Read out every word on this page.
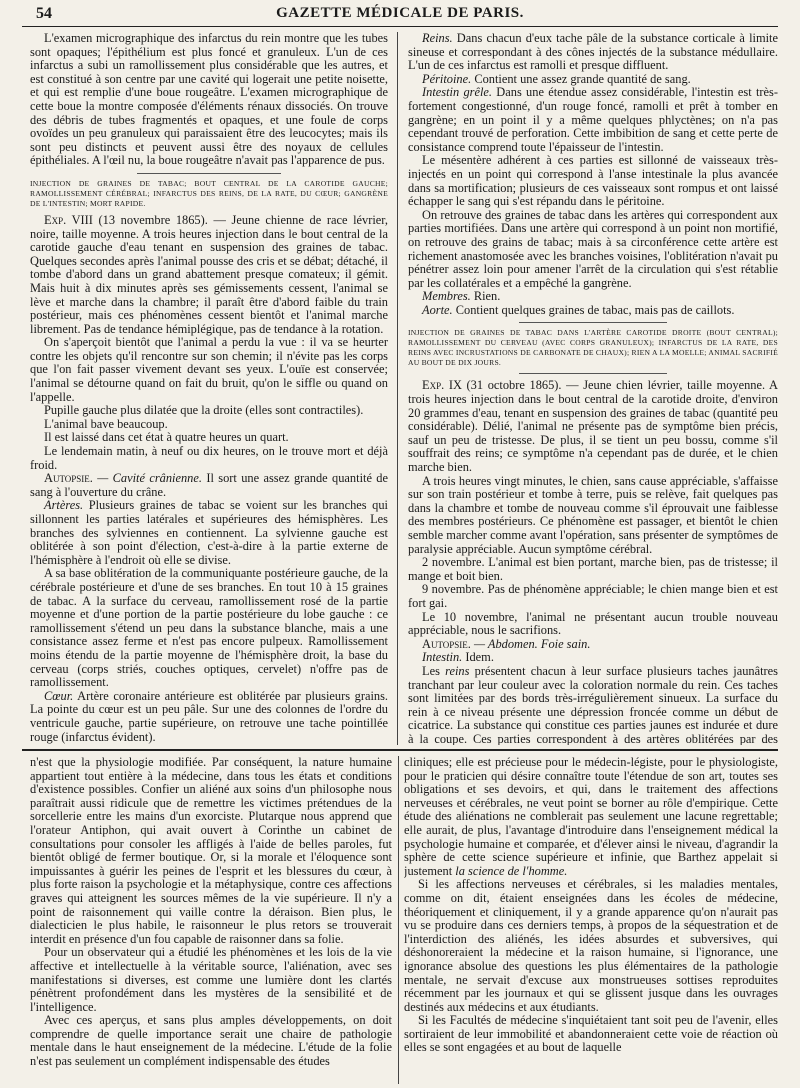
54	GAZETTE MÉDICALE DE PARIS.

L'examen micrographique des infarctus du rein montre que les tubes sont opaques; l'épithélium est plus foncé et granuleux. L'un de ces infarctus a subi un ramollissement plus considérable que les autres, et est constitué à son centre par une cavité qui logerait une petite noisette, et qui est remplie d'une boue rougeâtre. L'examen micrographique de cette boue la montre composée d'éléments rénaux dissociés. On trouve des débris de tubes fragmentés et opaques, et une foule de corps ovoïdes un peu granuleux qui paraissaient être des leucocytes; mais ils sont peu distincts et peuvent aussi être des noyaux de cellules épithéliales. A l'œil nu, la boue rougeâtre n'avait pas l'apparence de pus.

INJECTION DE GRAINES DE TABAC; BOUT CENTRAL DE LA CAROTIDE GAUCHE; RAMOLLISSEMENT CÉRÉBRAL; INFARCTUS DES REINS, DE LA RATE, DU CŒUR; GANGRÈNE DE L'INTESTIN; MORT RAPIDE.

Exp. VIII (13 novembre 1865). — Jeune chienne de race lévrier, noire, taille moyenne. A trois heures injection dans le bout central de la carotide gauche d'eau tenant en suspension des graines de tabac. Quelques secondes après l'animal pousse des cris et se débat; détaché, il tombe d'abord dans un grand abattement presque comateux; il gémit. Mais huit à dix minutes après ses gémissements cessent, l'animal se lève et marche dans la chambre; il paraît être d'abord faible du train postérieur, mais ces phénomènes cessent bientôt et l'animal marche librement. Pas de tendance hémiplégique, pas de tendance à la rotation.

On s'aperçoit bientôt que l'animal a perdu la vue : il va se heurter contre les objets qu'il rencontre sur son chemin; il n'évite pas les corps que l'on fait passer vivement devant ses yeux. L'ouïe est conservée; l'animal se détourne quand on fait du bruit, qu'on le siffle ou quand on l'appelle.

Pupille gauche plus dilatée que la droite (elles sont contractiles).

L'animal bave beaucoup.

Il est laissé dans cet état à quatre heures un quart.

Le lendemain matin, à neuf ou dix heures, on le trouve mort et déjà froid.

Autopsie. — Cavité crânienne. Il sort une assez grande quantité de sang à l'ouverture du crâne.

Artères. Plusieurs graines de tabac se voient sur les branches qui sillonnent les parties latérales et supérieures des hémisphères. Les branches des sylviennes en contiennent. La sylvienne gauche est oblitérée à son point d'élection, c'est-à-dire à la partie externe de l'hémisphère à l'endroit où elle se divise.

A sa base oblitération de la communiquante postérieure gauche, de la cérébrale postérieure et d'une de ses branches. En tout 10 à 15 graines de tabac. A la surface du cerveau, ramollissement rosé de la partie moyenne et d'une portion de la partie postérieure du lobe gauche : ce ramollissement s'étend un peu dans la substance blanche, mais a une consistance assez ferme et n'est pas encore pulpeux. Ramollissement moins étendu de la partie moyenne de l'hémisphère droit, la base du cerveau (corps striés, couches optiques, cervelet) n'offre pas de ramollissement.

Cœur. Artère coronaire antérieure est oblitérée par plusieurs grains. La pointe du cœur est un peu pâle. Sur une des colonnes de l'ordre du ventricule gauche, partie supérieure, on retrouve une tache pointillée rouge (infarctus évident).

Reins. Dans chacun d'eux tache pâle de la substance corticale à limite sineuse et correspondant à des cônes injectés de la substance médullaire. L'un de ces infarctus est ramolli et presque diffluent.

Péritoine. Contient une assez grande quantité de sang.

Intestin grêle. Dans une étendue assez considérable, l'intestin est très-fortement congestionné, d'un rouge foncé, ramolli et prêt à tomber en gangrène; en un point il y a même quelques phlyctènes; on n'a pas cependant trouvé de perforation. Cette imbibition de sang et cette perte de consistance comprend toute l'épaisseur de l'intestin.

Le mésentère adhérent à ces parties est sillonné de vaisseaux très-injectés en un point qui correspond à l'anse intestinale la plus avancée dans sa mortification; plusieurs de ces vaisseaux sont rompus et ont laissé échapper le sang qui s'est répandu dans le péritoine.

On retrouve des graines de tabac dans les artères qui correspondent aux parties mortifiées. Dans une artère qui correspond à un point non mortifié, on retrouve des grains de tabac; mais à sa circonférence cette artère est richement anastomosée avec les branches voisines, l'oblitération n'avait pu pénétrer assez loin pour amener l'arrêt de la circulation qui s'est rétablie par les collatérales et a empêché la gangrène.

Membres. Rien.

Aorte. Contient quelques graines de tabac, mais pas de caillots.

INJECTION DE GRAINES DE TABAC DANS L'ARTÈRE CAROTIDE DROITE (BOUT CENTRAL); RAMOLLISSEMENT DU CERVEAU (AVEC CORPS GRANULEUX); INFARCTUS DE LA RATE, DES REINS AVEC INCRUSTATIONS DE CARBONATE DE CHAUX); RIEN A LA MOELLE; ANIMAL SACRIFIÉ AU BOUT DE DIX JOURS.

Exp. IX (31 octobre 1865). — Jeune chien lévrier, taille moyenne. A trois heures injection dans le bout central de la carotide droite, d'environ 20 grammes d'eau, tenant en suspension des graines de tabac (quantité peu considérable). Délié, l'animal ne présente pas de symptôme bien précis, sauf un peu de tristesse. De plus, il se tient un peu bossu, comme s'il souffrait des reins; ce symptôme n'a cependant pas de durée, et le chien marche bien.

A trois heures vingt minutes, le chien, sans cause appréciable, s'affaisse sur son train postérieur et tombe à terre, puis se relève, fait quelques pas dans la chambre et tombe de nouveau comme s'il éprouvait une faiblesse des membres postérieurs. Ce phénomène est passager, et bientôt le chien semble marcher comme avant l'opération, sans présenter de symptômes de paralysie appréciable. Aucun symptôme cérébral.

2 novembre. L'animal est bien portant, marche bien, pas de tristesse; il mange et boit bien.

9 novembre. Pas de phénomène appréciable; le chien mange bien et est fort gai.

Le 10 novembre, l'animal ne présentant aucun trouble nouveau appréciable, nous le sacrifions.

Autopsie. — Abdomen. Foie sain.

Intestin. Idem.

Les reins présentent chacun à leur surface plusieurs taches jaunâtres tranchant par leur couleur avec la coloration normale du rein. Ces taches sont limitées par des bords très-irrégulièrement sinueux. La surface du rein à ce niveau présente une dépression froncée comme un début de cicatrice. La substance qui constitue ces parties jaunes est indurée et dure à la coupe. Ces parties correspondent à des artères oblitérées par des

n'est que la physiologie modifiée. Par conséquent, la nature humaine appartient tout entière à la médecine, dans tous les états et conditions d'existence possibles. Confier un aliéné aux soins d'un philosophe nous paraîtrait aussi ridicule que de remettre les victimes prétendues de la sorcellerie entre les mains d'un exorciste. Plutarque nous apprend que l'orateur Antiphon, qui avait ouvert à Corinthe un cabinet de consultations pour consoler les affligés à l'aide de belles paroles, fut bientôt obligé de fermer boutique. Or, si la morale et l'éloquence sont impuissantes à guérir les peines de l'esprit et les blessures du cœur, à plus forte raison la psychologie et la métaphysique, contre ces affections graves qui atteignent les sources mêmes de la vie supérieure. Il n'y a point de raisonnement qui vaille contre la déraison. Bien plus, le dialecticien le plus habile, le raisonneur le plus retors se trouverait interdit en présence d'un fou capable de raisonner dans sa folie.

Pour un observateur qui a étudié les phénomènes et les lois de la vie affective et intellectuelle à la véritable source, l'aliénation, avec ses manifestations si diverses, est comme une lumière dont les clartés pénètrent profondément dans les mystères de la sensibilité et de l'intelligence.

Avec ces aperçus, et sans plus amples développements, on doit comprendre de quelle importance serait une chaire de pathologie mentale dans le haut enseignement de la médecine. L'étude de la folie n'est pas seulement un complément indispensable des études

cliniques; elle est précieuse pour le médecin-légiste, pour le physiologiste, pour le praticien qui désire connaître toute l'étendue de son art, toutes ses obligations et ses devoirs, et qui, dans le traitement des affections nerveuses et cérébrales, ne veut point se borner au rôle d'empirique. Cette étude des aliénations ne comblerait pas seulement une lacune regrettable; elle aurait, de plus, l'avantage d'introduire dans l'enseignement médical la psychologie humaine et comparée, et d'élever ainsi le niveau, d'agrandir la sphère de cette science supérieure et infinie, que Barthez appelait si justement la science de l'homme.

Si les affections nerveuses et cérébrales, si les maladies mentales, comme on dit, étaient enseignées dans les écoles de médecine, théoriquement et cliniquement, il y a grande apparence qu'on n'aurait pas vu se produire dans ces derniers temps, à propos de la séquestration et de l'interdiction des aliénés, les idées absurdes et subversives, qui déshonoreraient la médecine et la raison humaine, si l'ignorance, une ignorance absolue des questions les plus élémentaires de la pathologie mentale, ne servait d'excuse aux monstrueuses sottises reproduites récemment par les journaux et qui se glissent jusque dans les ouvrages destinés aux médecins et aux étudiants.

Si les Facultés de médecine s'inquiétaient tant soit peu de l'avenir, elles sortiraient de leur immobilité et abandonneraient cette voie de réaction où elles se sont engagées et au bout de laquelle
